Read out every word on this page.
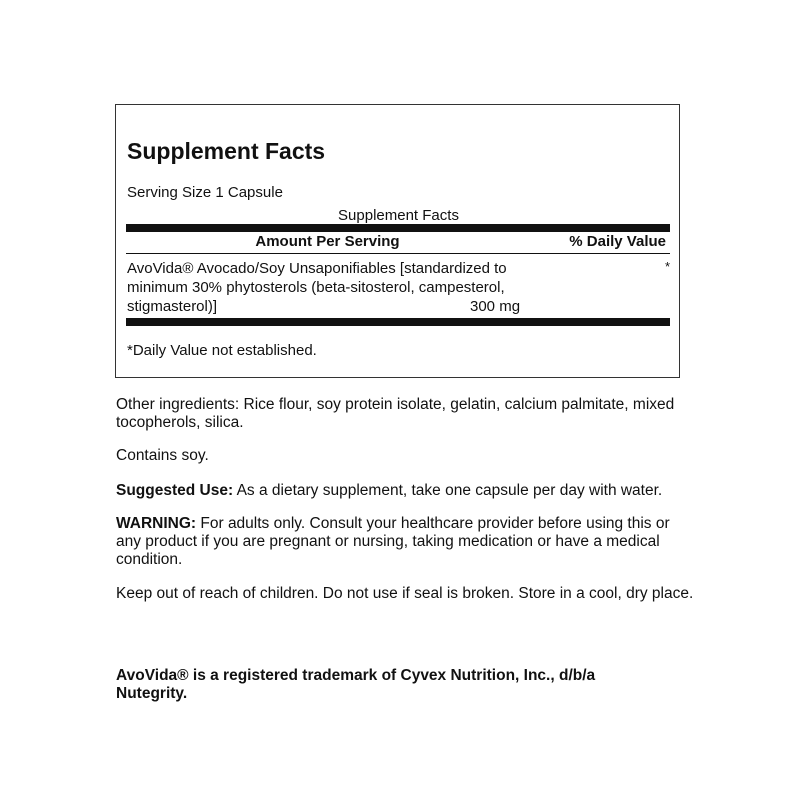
Supplement Facts
Serving Size 1 Capsule
Supplement Facts
Amount Per Serving	% Daily Value
AvoVida® Avocado/Soy Unsaponifiables [standardized to minimum 30% phytosterols (beta-sitosterol, campesterol, stigmasterol)]	300 mg
*
*Daily Value not established.

Other ingredients: Rice flour, soy protein isolate, gelatin, calcium palmitate, mixed tocopherols, silica.

Contains soy.

Suggested Use: As a dietary supplement, take one capsule per day with water.

WARNING: For adults only. Consult your healthcare provider before using this or any product if you are pregnant or nursing, taking medication or have a medical condition.

Keep out of reach of children. Do not use if seal is broken. Store in a cool, dry place.

AvoVida® is a registered trademark of Cyvex Nutrition, Inc., d/b/a Nutegrity.
